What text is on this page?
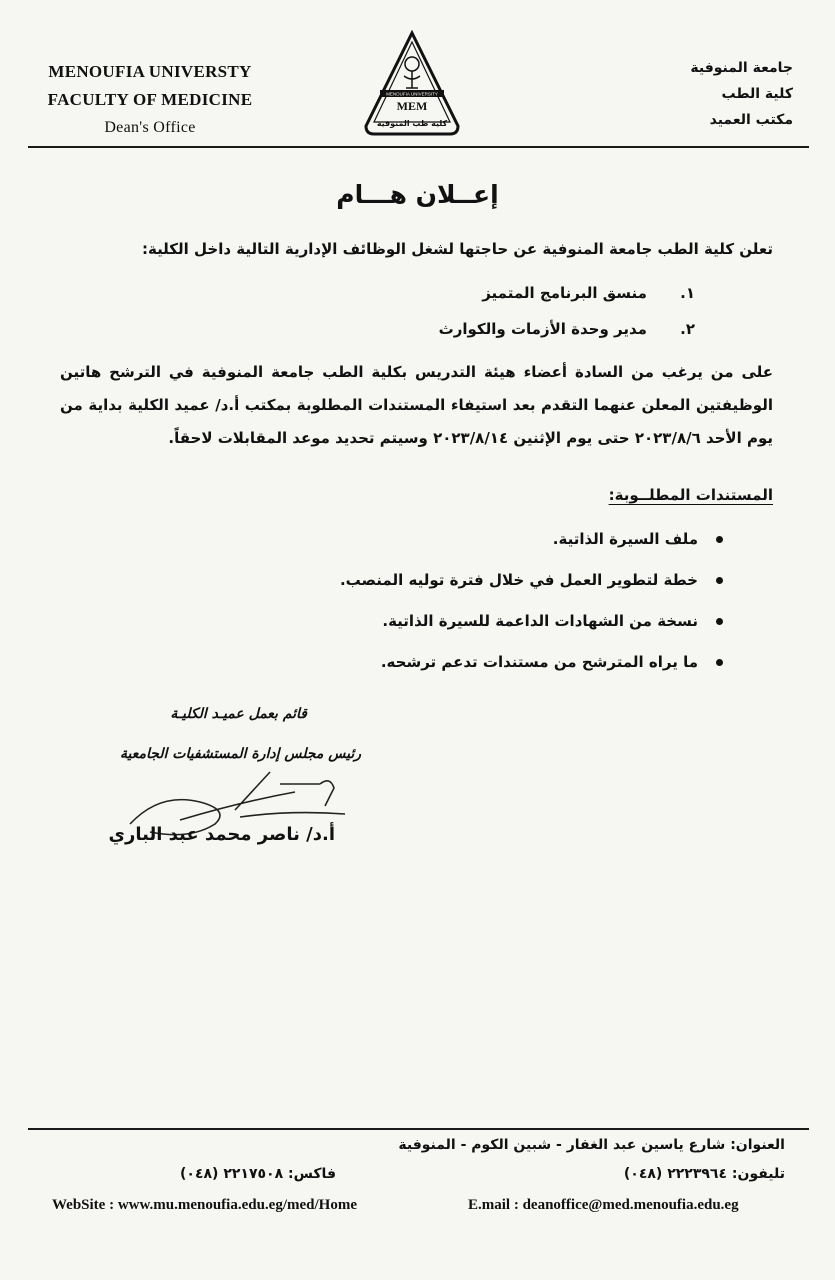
MENOUFIA UNIVERSTY
FACULTY OF MEDICINE
Dean's Office
MENOUFIA UNIVERSITY
MEM
كلية طب المنوفية
جامعة المنوفية
كلية الطب
مكتب العميد
إعــلان هـــام
تعلن كلية الطب جامعة المنوفية عن حاجتها لشغل الوظائف الإدارية التالية داخل الكلية:
١. منسق البرنامج المتميز
٢. مدير وحدة الأزمات والكوارث
على من يرغب من السادة أعضاء هيئة التدريس بكلية الطب جامعة المنوفية في الترشح هاتين الوظيفتين المعلن عنهما التقدم بعد استيفاء المستندات المطلوبة بمكتب أ.د/ عميد الكلية بداية من يوم الأحد ٢٠٢٣/٨/٦ حتى يوم الإثنين ٢٠٢٣/٨/١٤ وسيتم تحديد موعد المقابلات لاحقاً.
المستندات المطلــوبة:
ملف السيرة الذاتية.
خطة لتطوير العمل في خلال فترة توليه المنصب.
نسخة من الشهادات الداعمة للسيرة الذاتية.
ما يراه المترشح من مستندات تدعم ترشحه.
قائم بعمل عميـد الكليـة
رئيس مجلس إدارة المستشفيات الجامعية
أ.د/ ناصر محمد عبد الباري
العنوان: شارع ياسين عبد الغفار - شبين الكوم - المنوفية
تليفون: ٢٢٢٣٩٦٤ (٠٤٨)
فاكس: ٢٢١٧٥٠٨ (٠٤٨)
E.mail : deanoffice@med.menoufia.edu.eg
WebSite : www.mu.menoufia.edu.eg/med/Home
